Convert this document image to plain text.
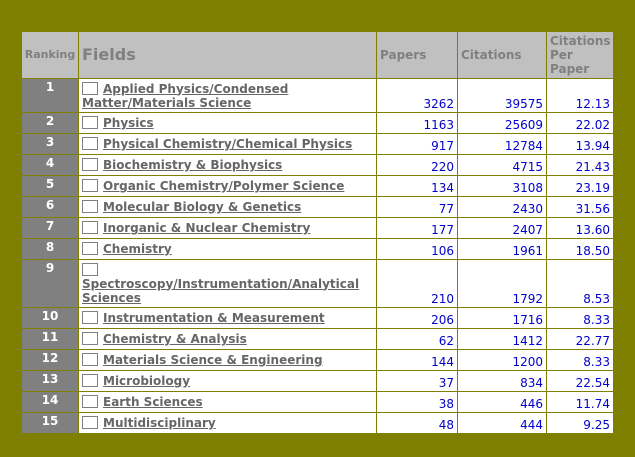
Ranking	Fields	Papers	Citations	Citations Per Paper
1	Applied Physics/Condensed Matter/Materials Science	3262	39575	12.13
2	Physics	1163	25609	22.02
3	Physical Chemistry/Chemical Physics	917	12784	13.94
4	Biochemistry & Biophysics	220	4715	21.43
5	Organic Chemistry/Polymer Science	134	3108	23.19
6	Molecular Biology & Genetics	77	2430	31.56
7	Inorganic & Nuclear Chemistry	177	2407	13.60
8	Chemistry	106	1961	18.50
9	Spectroscopy/Instrumentation/Analytical Sciences	210	1792	8.53
10	Instrumentation & Measurement	206	1716	8.33
11	Chemistry & Analysis	62	1412	22.77
12	Materials Science & Engineering	144	1200	8.33
13	Microbiology	37	834	22.54
14	Earth Sciences	38	446	11.74
15	Multidisciplinary	48	444	9.25
